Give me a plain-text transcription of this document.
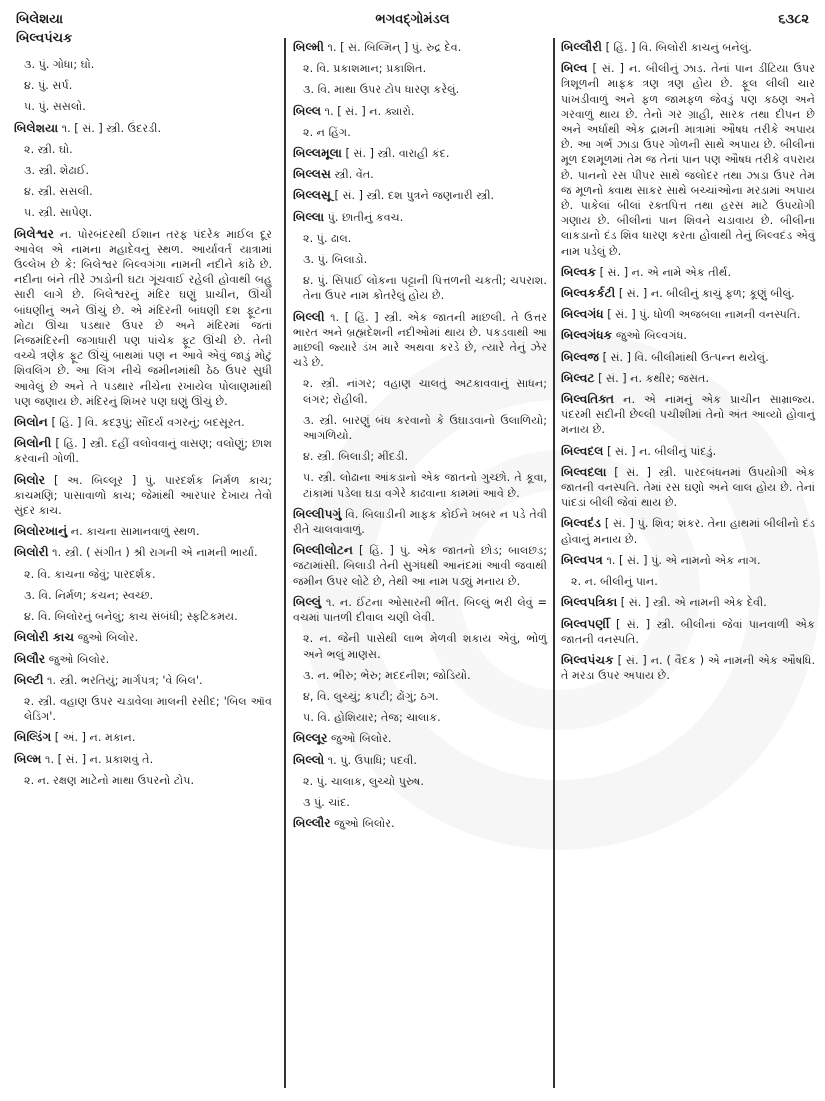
બિલેશયા
બિલ્વપંચક
ભગવદ્ગોમંડલ	૬૩૮૨
૩. પું. ગોધા; ઘો.
૪. પું. સર્પ.
૫. પું. સસલો.
બિલેશયા ૧. [ સં. ] સ્ત્રી. ઉંદરડી.
૨. સ્ત્રી. ઘો.
૩. સ્ત્રી. શેઢાઈ.
૪. સ્ત્રી. સસલી.
૫. સ્ત્રી. સાપેણ.
બિલેશ્વર ન. પોરબંદરથી ઈશાન તરફ પંદરેક માઈલ દૂર આવેલ એ નામના મહાદેવનું સ્થળ. આર્યાવર્ત યાત્રામાં ઉલ્લેખ છે કે: બિલેશ્વર બિલ્વગંગા નામની નદીને કાંઠે છે. નદીના બંને તીરે ઝાડોની ઘટા ગૂંચવાઈ રહેલી હોવાથી બહુ સારી લાગે છે. બિલેશ્વરનું મંદિર ઘણું પ્રાચીન, ઊંચી બાંધણીનું અને ઊંચું છે. એ મંદિરની બાંધણી દશ ફૂટના મોટા ઊંચા પડથાર ઉપર છે અને મંદિરમાં જતાં નિજમંદિરની જગાધારી પણ પાંચેક ફૂટ ઊંચી છે. તેની વચ્ચે ત્રણેક ફૂટ ઊંચું બાથમાં પણ ન આવે એવું જાડું મોટું શિવલિંગ છે. આ લિંગ નીચે જમીનમાંથી ઠેઠ ઉપર સુધી આવેલું છે અને તે પડથાર નીચેના રખાયેલ પોલાણમાંથી પણ જણાય છે. મંદિરનું શિખર પણ ઘણું ઊંચું છે.
બિલોન [ હિં. ] વિ. કદરૂપું; સૌંદર્ય વગરનું; બદસૂરત.
બિલોની [ હિં. ] સ્ત્રી. દહીં વલોવવાનું વાસણ; વલોણું; છાશ કરવાની ગોળી.
બિલોર [ અ. બિલ્લૂર ] પું. પારદર્શક નિર્મળ કાચ; કાચમણિ; પાસાવાળો કાચ; જેમાંથી આરપાર દેખાય તેવો સુંદર કાચ.
બિલોરખાનું ન. કાચના સામાનવાળું સ્થળ.
બિલોરી ૧. સ્ત્રી. ( સંગીત ) શ્રી રાગની એ નામની ભાર્યા.
૨. વિ. કાચના જેવું; પારદર્શક.
૩. વિ. નિર્મળ; કંચન; સ્વચ્છ.
૪. વિ. બિલોરનું બનેલું; કાચ સંબંધી; સ્ફટિકમય.
બિલોરી કાચ જુઓ બિલોર.
બિલૌર જુઓ બિલોર.
બિલ્ટી ૧. સ્ત્રી. ભરતિયું; માર્ગપત્ર; 'વે બિલ'.
૨. સ્ત્રી. વહાણ ઉપર ચડાવેલા માલની રસીદ; 'બિલ ઑવ લેડિંગ'.
બિલ્ડિંગ [ અં. ] ન. મકાન.
બિલ્મ ૧. [ સં. ] ન. પ્રકાશવું તે.
૨. ન. રક્ષણ માટેનો માથા ઉપરનો ટોપ.
બિલ્મી ૧. [ સં. બિલ્મિન્ ] પું. રુદ્ર દેવ.
૨. વિ. પ્રકાશમાન; પ્રકાશિત.
૩. વિ. માથા ઉપર ટોપ ધારણ કરેલું.
બિલ્લ ૧. [ સં. ] ન. ક્યારો.
૨. ન હિંગ.
બિલ્લમૂલા [ સં. ] સ્ત્રી. વારાહી કંદ.
બિલ્લસ સ્ત્રી. વેંત.
બિલ્લસૂ [ સં. ] સ્ત્રી. દશ પુત્રને જણનારી સ્ત્રી.
બિલ્લા પું. છાતીનું કવચ.
૨. પું. ઢાલ.
૩. પું. બિલાડો.
૪. પું. સિપાઈ લોકના પટ્ટાની પિત્તળની ચકતી; ચપરાશ. તેના ઉપર નામ કોતરેલું હોય છે.
બિલ્લી ૧. [ હિં. ] સ્ત્રી. એક જાતની માછલી. તે ઉત્તર ભારત અને બ્રહ્મદેશની નદીઓમાં થાય છે. પકડવાથી આ માછલી જ્યારે ડંખ મારે અથવા કરડે છે, ત્યારે તેનું ઝેર ચડે છે.
૨. સ્ત્રી. નાંગર; વહાણ ચાલતું અટકાવવાનું સાધન; લંગર; રોહીલી.
૩. સ્ત્રી. બારણું બંધ કરવાનો કે ઉઘાડવાનો ઉલાળિયો; આગળિયો.
૪. સ્ત્રી. બિલાડી; મીંદડી.
૫. સ્ત્રી. લોઢાના આંકડાનો એક જાતનો ગુચ્છો. તે કૂવા, ટાંકામાં પડેલા ઘડા વગેરે કાઢવાના કામમાં આવે છે.
બિલ્લીપગું વિ. બિલાડીની માફક કોઈને ખબર ન પડે તેવી રીતે ચાલવાવાળું.
બિલ્લીલોટન [ હિં. ] પું. એક જાતનો છોડ; બાલછડ; જટામાંસી. બિલાડી તેની સુગંધથી આનંદમાં આવી જવાથી જમીન ઉપર લોટે છે, તેથી આ નામ પડ્યું મનાય છે.
બિલ્લું ૧. ન. ઈંટના ઓસારની ભીંત. બિલ્લું ભરી લેવું = વચમાં પાતળી દીવાલ ચણી લેવી.
૨. ન. જેની પાસેથી લાભ મેળવી શકાય એવું, ભોળું અને ભલું માણસ.
૩. ન. ભીરુ; ભેરુ; મદદનીશ; જોડિયો.
૪, વિ. લુચ્ચું; કપટી; ઢોંગું; ઠગ.
૫. વિ. હોશિયાર; તેજ; ચાલાક.
બિલ્લૂર જુઓ બિલોર.
બિલ્લો ૧. પું. ઉપાધિ; પદવી.
૨. પું. ચાલાક, લુચ્ચો પુરુષ.
૩ પું. ચાંદ.
બિલ્લૌર જુઓ બિલોર.
બિલ્લૌરી [ હિં. ] વિ. બિલોરી કાચનું બનેલું.
બિલ્વ [ સં. ] ન. બીલીનું ઝાડ. તેનાં પાન ડીંટિયા ઉપર ત્રિશૂળની માફક ત્રણ ત્રણ હોય છે. ફૂલ લીલી ચાર પાંખડીવાળું અને ફળ જામફળ જેવડું પણ કઠણ અને ગરવાળું થાય છે. તેનો ગર ગ્રાહી, સારક તથા દીપન છે અને અર્ધાથી એક દ્રામની માત્રામાં ઔષધ તરીકે અપાય છે. આ ગર્ભ ઝાડા ઉપર ગોળની સાથે અપાય છે. બીલીનાં મૂળ દશમૂળમાં તેમ જ તેનાં પાન પણ ઔષધ તરીકે વપરાય છે. પાનનો રસ પીપર સાથે જલોદર તથા ઝાડા ઉપર તેમ જ મૂળનો ક્વાથ સાકર સાથે બચ્ચાંઓના મરડામાં અપાય છે. પાકેલાં બીલાં રક્તપિત્ત તથા હરસ માટે ઉપયોગી ગણાય છે. બીલીનાં પાન શિવને ચડાવાય છે. બીલીના લાકડાનો દંડ શિવ ધારણ કરતા હોવાથી તેનું બિલ્વદંડ એવું નામ પડેલું છે.
બિલ્વક [ સં. ] ન. એ નામે એક તીર્થ.
બિલ્વકર્કટી [ સં. ] ન. બીલીનું કાચું ફળ; કૂણું બીલું.
બિલ્વગંધ [ સં. ] પું. ધોળી અજબલા નામની વનસ્પતિ.
બિલ્વગંધક જુઓ બિલ્વગંધ.
બિલ્વજ [ સં. ] વિ. બીલીમાંથી ઉત્પન્ન થયેલું.
બિલ્વટ [ સં. ] ન. કથીર; જસત.
બિલ્વતિક્ત ન. એ નામનું એક પ્રાચીન સામ્રાજ્ય. પંદરમી સદીની છેલ્લી પચીશીમાં તેનો અંત આવ્યો હોવાનું મનાય છે.
બિલ્વદલ [ સં. ] ન. બીલીનું પાંદડું.
બિલ્વદલા [ સં. ] સ્ત્રી. પારદબંધનમાં ઉપયોગી એક જાતની વનસ્પતિ. તેમાં રસ ઘણો અને લાલ હોય છે. તેનાં પાંદડાં બીલી જેવાં થાય છે.
બિલ્વદંડ [ સં. ] પું. શિવ; શંકર. તેના હાથમાં બીલીનો દંડ હોવાનું મનાય છે.
બિલ્વપત્ર ૧. [ સં. ] પું. એ નામનો એક નાગ.
૨. ન. બીલીનું પાન.
બિલ્વપત્રિકા [ સં. ] સ્ત્રી. એ નામની એક દેવી.
બિલ્વપર્ણી [ સં. ] સ્ત્રી. બીલીનાં જેવાં પાનવાળી એક જાતની વનસ્પતિ.
બિલ્વપંચક [ સં. ] ન. ( વૈદક ) એ નામની એક ઔષધિ. તે મરડા ઉપર અપાય છે.
